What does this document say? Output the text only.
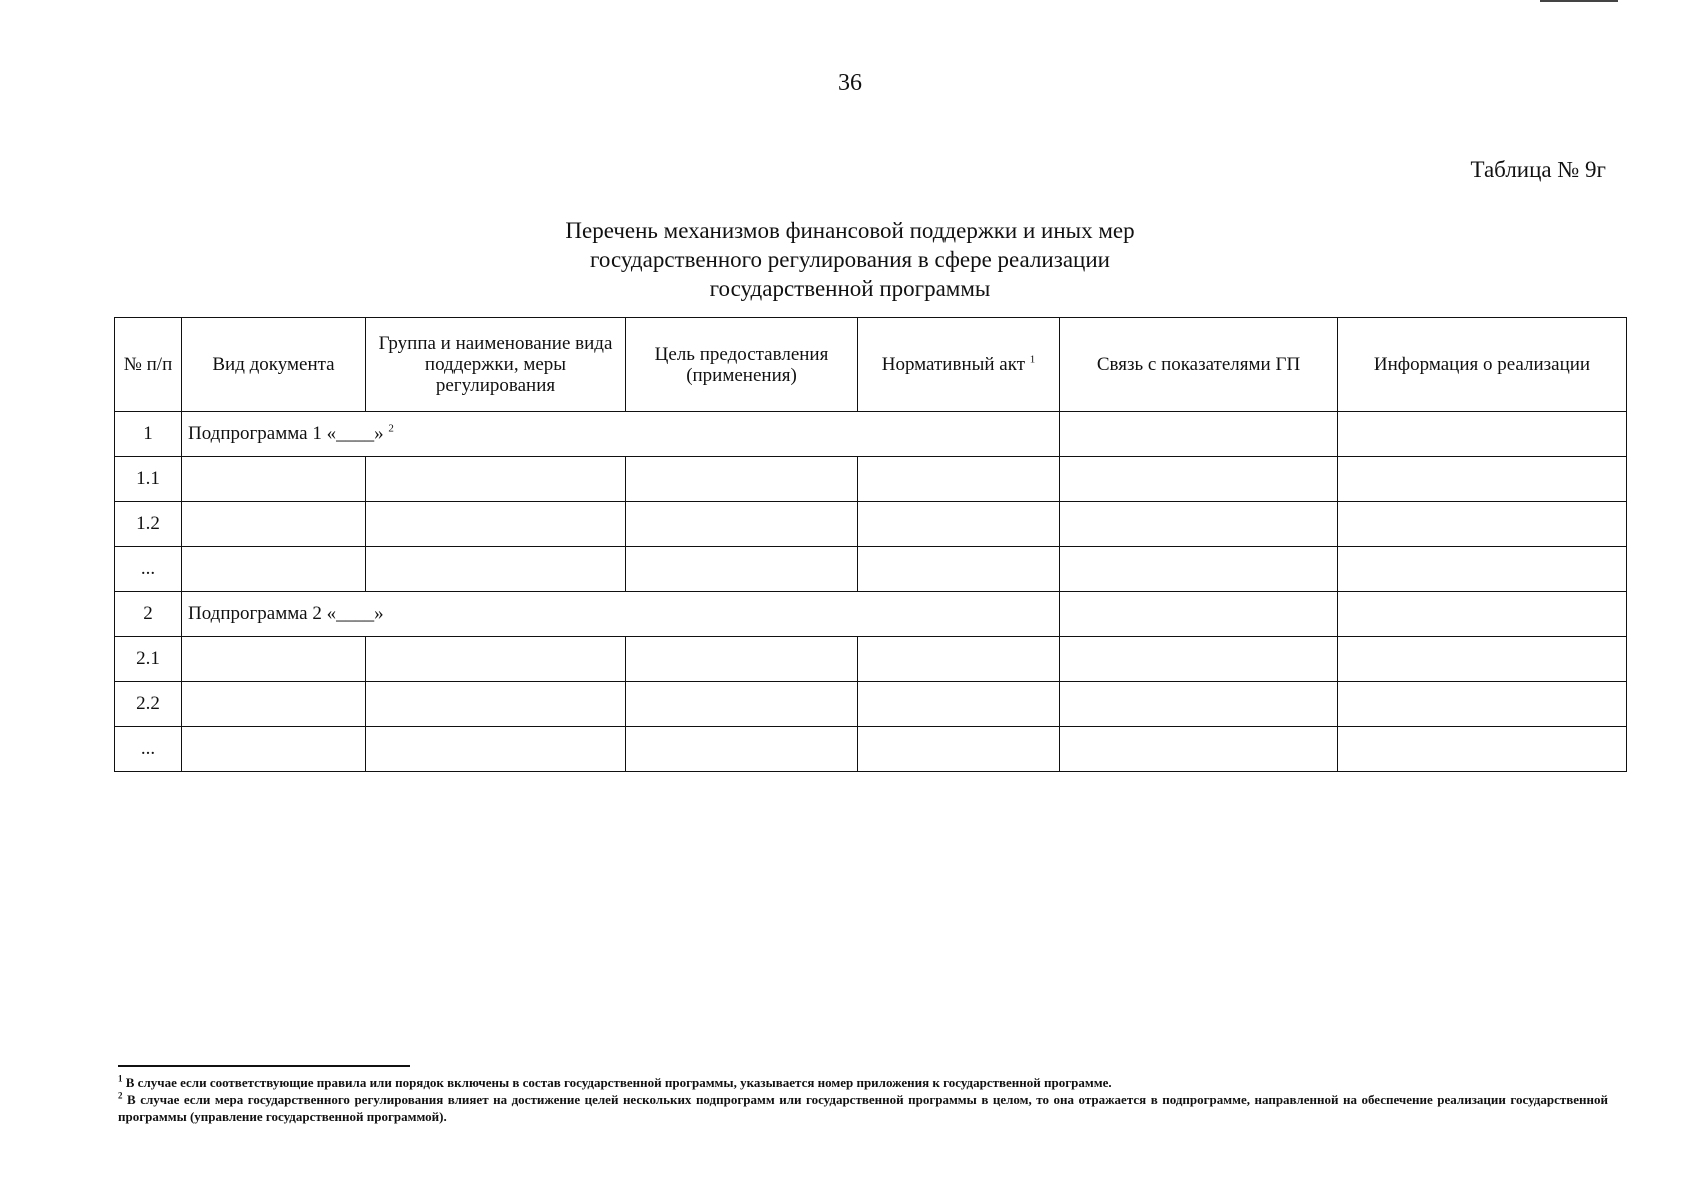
36
Таблица № 9г
Перечень механизмов финансовой поддержки и иных мер
государственного регулирования в сфере реализации
государственной программы
№ п/п	Вид документа	Группа и наименование вида поддержки, меры регулирования	Цель предоставления (применения)	Нормативный акт $^1$	Связь с показателями ГП	Информация о реализации
1	Подпрограмма 1 «____» $^2$		
1.1						
1.2						
...						
2	Подпрограмма 2 «____»					
2.1						
2.2						
...						

$^1$ В случае если соответствующие правила или порядок включены в состав государственной программы, указывается номер приложения к государственной программе.

$^2$ В случае если мера государственного регулирования влияет на достижение целей нескольких подпрограмм или государственной программы в целом, то она отражается в подпрограмме, направленной на обеспечение реализации государственной программы (управление государственной программой).
